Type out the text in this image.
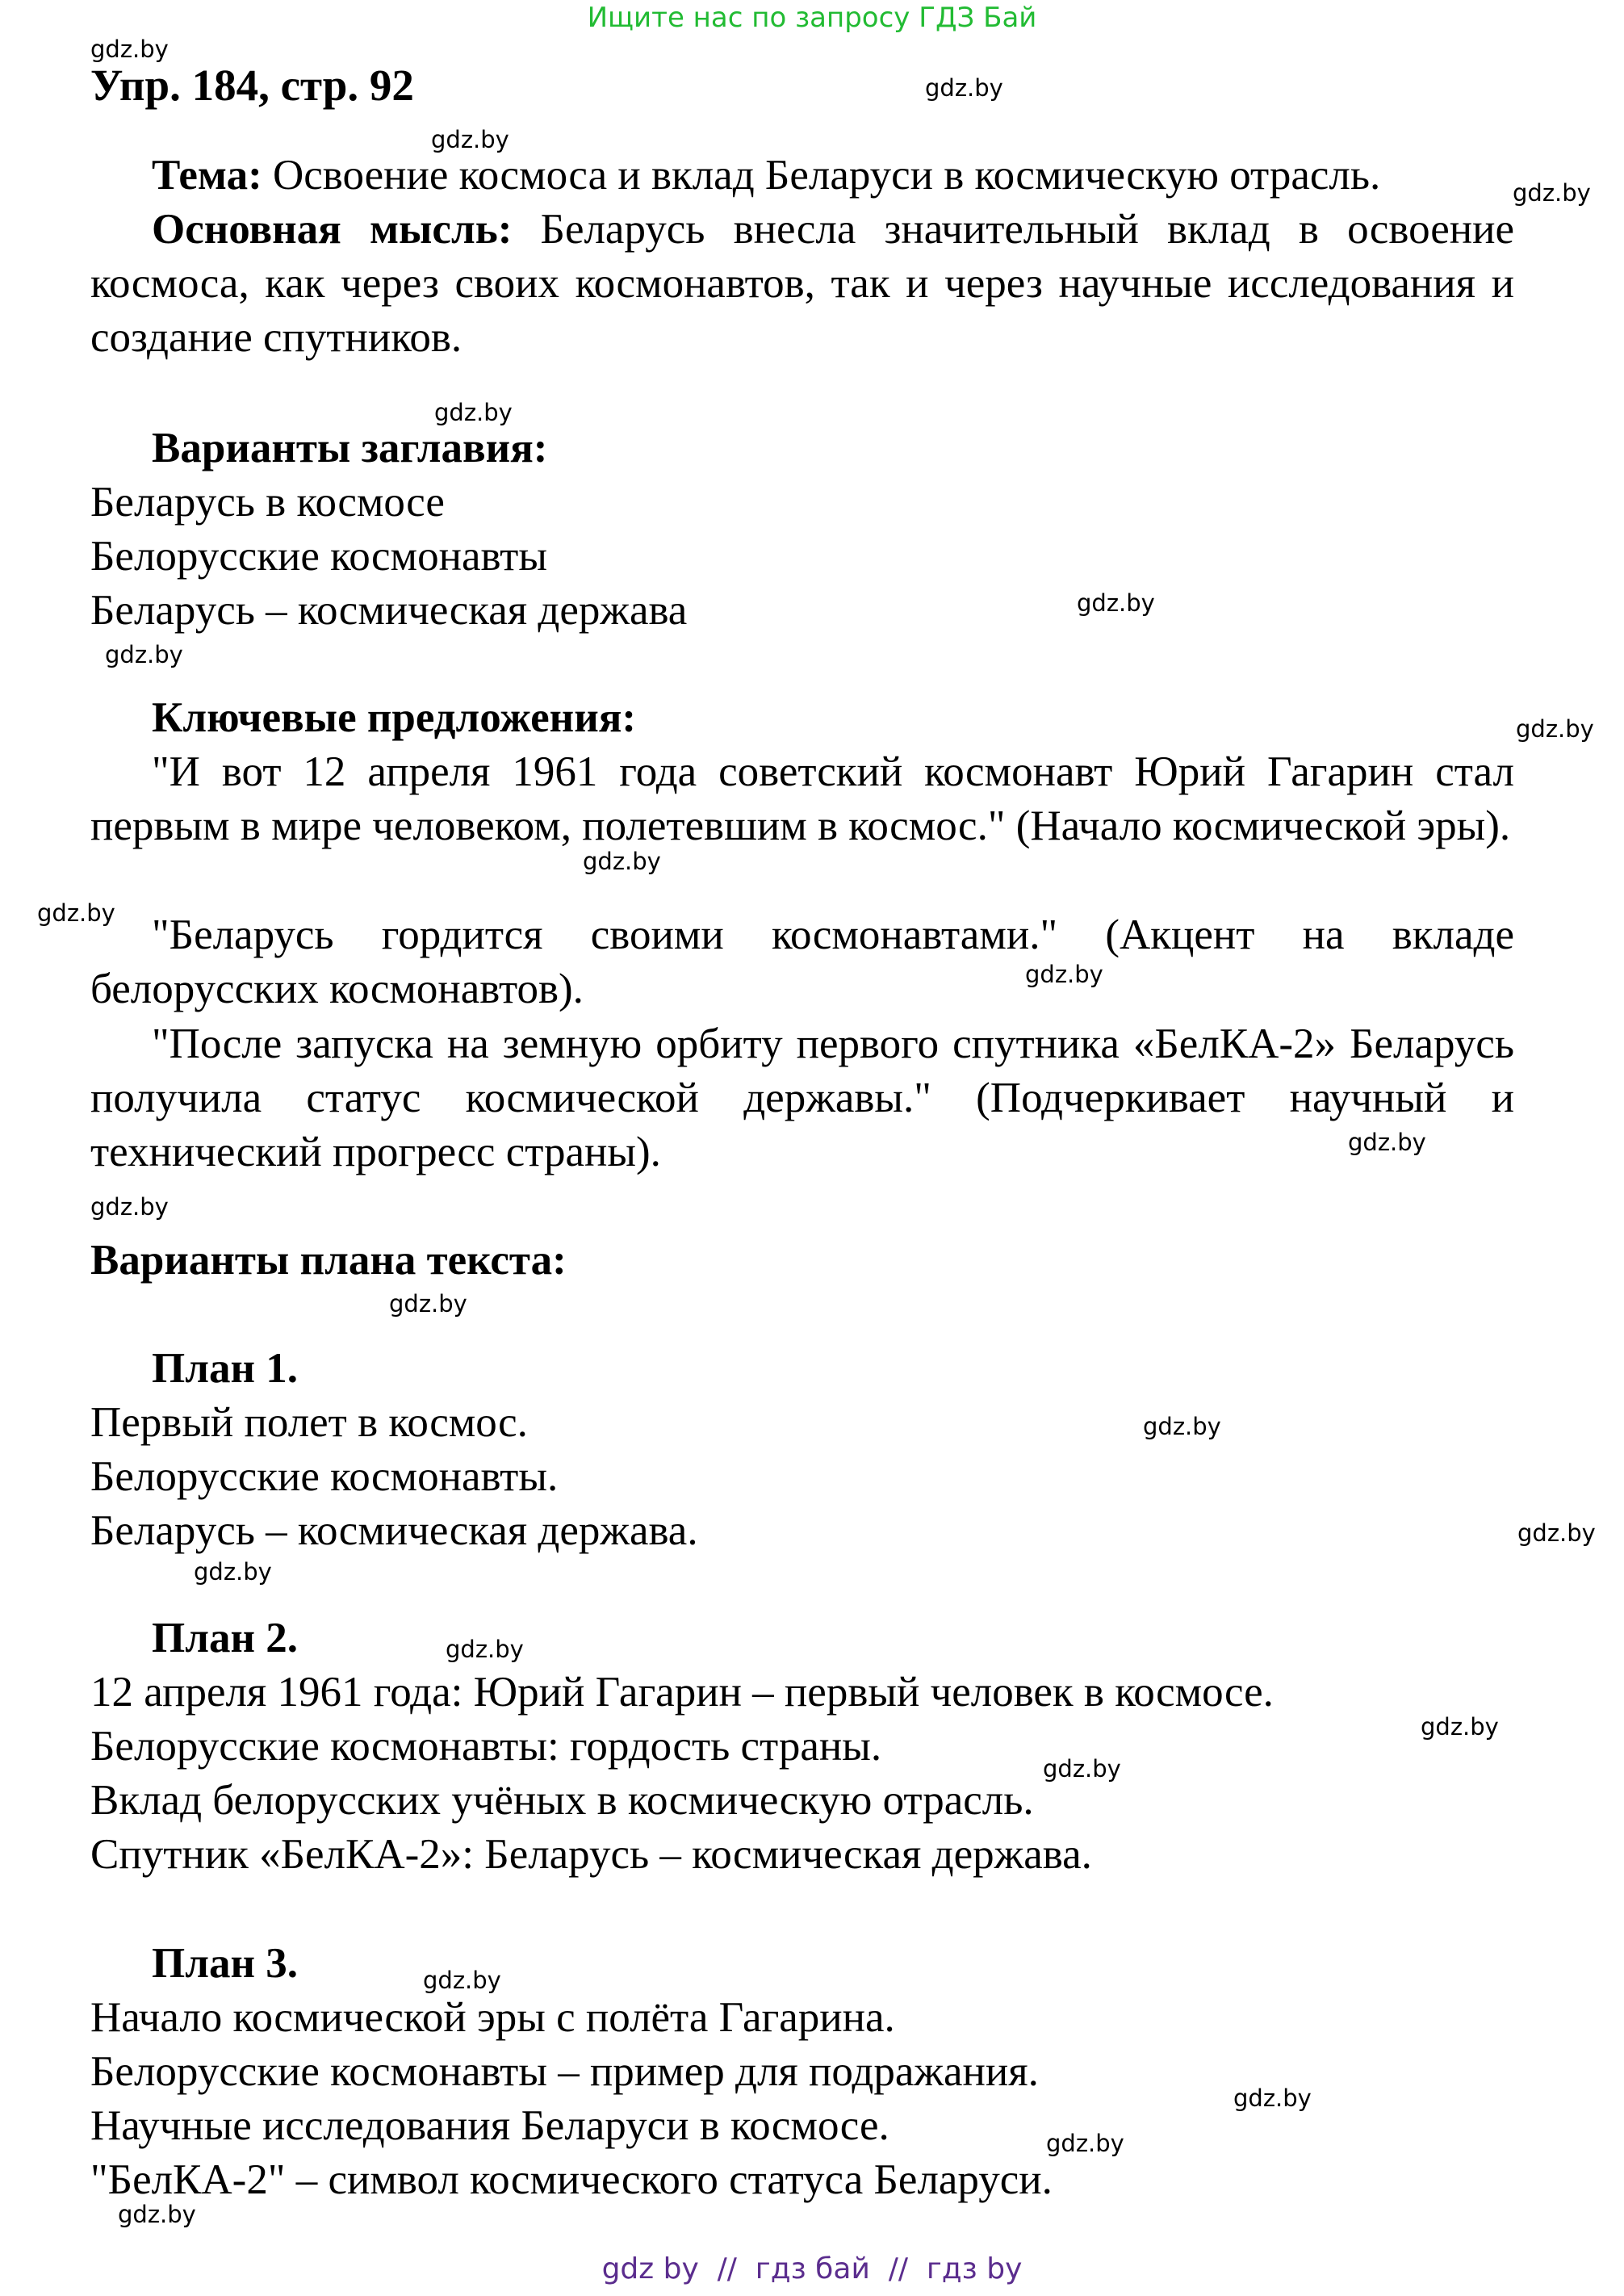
Ищите нас по запросу ГДЗ Бай
Упр. 184, стр. 92
Тема: Освоение космоса и вклад Беларуси в космическую отрасль.
Основная мысль: Беларусь внесла значительный вклад в освоение космоса, как через своих космонавтов, так и через научные исследования и создание спутников.
Варианты заглавия:
Беларусь в космосе
Белорусские космонавты
Беларусь – космическая держава
Ключевые предложения:
"И вот 12 апреля 1961 года советский космонавт Юрий Гагарин стал первым в мире человеком, полетевшим в космос." (Начало космической эры).
"Беларусь гордится своими космонавтами." (Акцент на вкладе белорусских космонавтов).
"После запуска на земную орбиту первого спутника «БелКА-2» Беларусь получила статус космической державы." (Подчеркивает научный и технический прогресс страны).
Варианты плана текста:
План 1.
Первый полет в космос.
Белорусские космонавты.
Беларусь – космическая держава.
План 2.
12 апреля 1961 года: Юрий Гагарин – первый человек в космосе.
Белорусские космонавты: гордость страны.
Вклад белорусских учёных в космическую отрасль.
Спутник «БелКА-2»: Беларусь – космическая держава.
План 3.
Начало космической эры с полёта Гагарина.
Белорусские космонавты – пример для подражания.
Научные исследования Беларуси в космосе.
"БелКА-2" – символ космического статуса Беларуси.
gdz.by
gdz.by
gdz.by
gdz.by
gdz.by
gdz.by
gdz.by
gdz.by
gdz.by
gdz.by
gdz.by
gdz.by
gdz.by
gdz.by
gdz.by
gdz.by
gdz.by
gdz.by
gdz.by
gdz.by
gdz.by
gdz.by
gdz.by
gdz.by
gdz by  //  гдз бай  //  гдз by
